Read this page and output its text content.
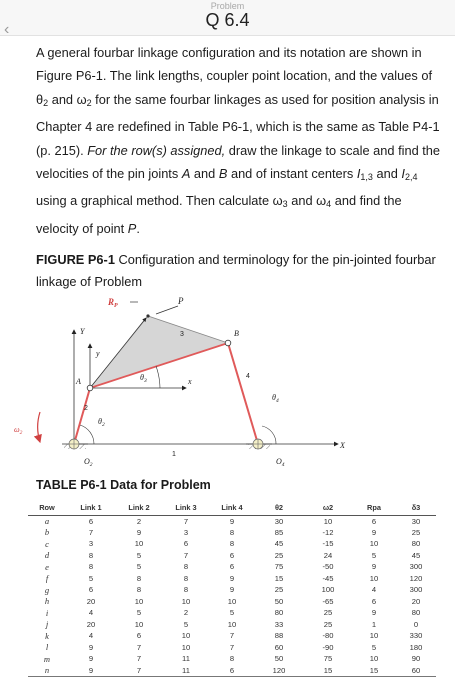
‹
Problem
Q 6.4
A general fourbar linkage configuration and its notation are shown in Figure P6-1. The link lengths, coupler point location, and the values of $\theta_2$ and $\omega_2$ for the same fourbar linkages as used for position analysis in Chapter 4 are redefined in Table P6-1, which is the same as Table P4-1 (p. 215). For the row(s) assigned, draw the linkage to scale and find the velocities of the pin joints A and B and of instant centers $I_{1,3}$ and $I_{2,4}$ using a graphical method. Then calculate $\omega_3$ and $\omega_4$ and find the velocity of point P.
FIGURE P6-1 Configuration and terminology for the pin-jointed fourbar linkage of Problem
$R_P$	P
Y
y
A
B
x
X
3
2
4
1
$\theta_3$
$\theta_4$
$\theta_2$
$\omega_2$
$O_2$	$O_4$
TABLE P6-1 Data for Problem
Row	Link 1	Link 2	Link 3	Link 4	θ2	ω2	Rpa	δ3
a	6	2	7	9	30	10	6	30
b	7	9	3	8	85	-12	9	25
c	3	10	6	8	45	-15	10	80
d	8	5	7	6	25	24	5	45
e	8	5	8	6	75	-50	9	300
f	5	8	8	9	15	-45	10	120
g	6	8	8	9	25	100	4	300
h	20	10	10	10	50	-65	6	20
i	4	5	2	5	80	25	9	80
j	20	10	5	10	33	25	1	0
k	4	6	10	7	88	-80	10	330
l	9	7	10	7	60	-90	5	180
m	9	7	11	8	50	75	10	90
n	9	7	11	6	120	15	15	60
